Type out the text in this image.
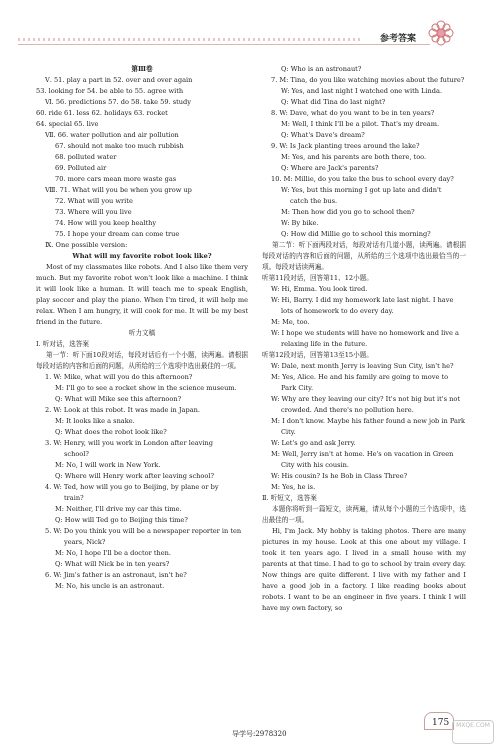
参考答案
第Ⅲ卷
Ⅴ. 51. play a part in 52. over and over again
53. looking for 54. be able to 55. agree with
Ⅵ. 56. predictions 57. do 58. take 59. study
60. ride 61. less 62. holidays 63. rocket
64. special 65. live
Ⅶ. 66. water pollution and air pollution
67. should not make too much rubbish
68. polluted water
69. Polluted air
70. more cars mean more waste gas
Ⅷ. 71. What will you be when you grow up
72. What will you write
73. Where will you live
74. How will you keep healthy
75. I hope your dream can come true
Ⅸ. One possible version:
What will my favorite robot look like?
Most of my classmates like robots. And I also like them very much. But my favorite robot won't look like a machine. I think it will look like a human. It will teach me to speak English, play soccer and play the piano. When I'm tired, it will help me relax. When I am hungry, it will cook for me. It will be my best friend in the future.
听力文稿
Ⅰ. 听对话，选答案
第一节：听下面10段对话，每段对话后有一个小题，读两遍。请根据每段对话的内容和后面的问题，从所给的三个选项中选出最佳的一项。
1. W: Mike, what will you do this afternoon?
M: I'll go to see a rocket show in the science museum.
Q: What will Mike see this afternoon?
2. W: Look at this robot. It was made in Japan.
M: It looks like a snake.
Q: What does the robot look like?
3. W: Henry, will you work in London after leaving
school?
M: No, I will work in New York.
Q: Where will Henry work after leaving school?
4. W: Ted, how will you go to Beijing, by plane or by
train?
M: Neither, I'll drive my car this time.
Q: How will Ted go to Beijing this time?
5. W: Do you think you will be a newspaper reporter in ten
years, Nick?
M: No, I hope I'll be a doctor then.
Q: What will Nick be in ten years?
6. W: Jim's father is an astronaut, isn't he?
M: No, his uncle is an astronaut.
Q: Who is an astronaut?
7. M: Tina, do you like watching movies about the future?
W: Yes, and last night I watched one with Linda.
Q: What did Tina do last night?
8. W: Dave, what do you want to be in ten years?
M: Well, I think I'll be a pilot. That's my dream.
Q: What's Dave's dream?
9. W: Is Jack planting trees around the lake?
M: Yes, and his parents are both there, too.
Q: Where are Jack's parents?
10. M: Millie, do you take the bus to school every day?
W: Yes, but this morning I got up late and didn't
catch the bus.
M: Then how did you go to school then?
W: By bike.
Q: How did Millie go to school this morning?
第二节：听下面两段对话，每段对话有几道小题，读两遍。请根据每段对话的内容和后面的问题，从所给的三个选项中选出最恰当的一项。每段对话读两遍。
听第11段对话，回答第11、12小题。
W: Hi, Emma. You look tired.
W: Hi, Barry. I did my homework late last night. I have
lots of homework to do every day.
M: Me, too.
W: I hope we students will have no homework and live a
relaxing life in the future.
听第12段对话，回答第13至15小题。
W: Dale, next month Jerry is leaving Sun City, isn't he?
M: Yes, Alice. He and his family are going to move to
Park City.
W: Why are they leaving our city? It's not big but it's not
crowded. And there's no pollution here.
M: I don't know. Maybe his father found a new job in Park
City.
W: Let's go and ask Jerry.
M: Well, Jerry isn't at home. He's on vacation in Green
City with his cousin.
W: His cousin? Is he Bob in Class Three?
M: Yes, he is.
Ⅱ. 听短文，选答案
本题你将听到一篇短文，读两遍，请从每个小题的三个选项中，选出最佳的一项。
Hi, I'm Jack. My hobby is taking photos. There are many pictures in my house. Look at this one about my village. I took it ten years ago. I lived in a small house with my parents at that time. I had to go to school by train every day. Now things are quite different. I live with my father and I have a good job in a factory. I like reading books about robots. I want to be an engineer in five years. I think I will have my own factory, so
导学号:2978320
175	MXQE.COM
